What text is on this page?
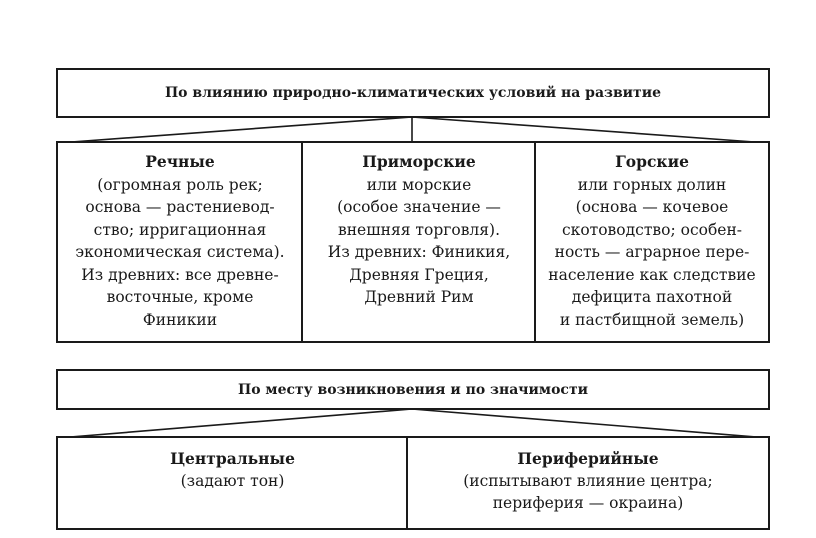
По влиянию природно-климатических условий на развитие
Речные
(огромная роль рек;
основа — растениевод-
ство; ирригационная
экономическая система).
Из древних: все древне-
восточные, кроме
Финикии
Приморские
или морские
(особое значение —
внешняя торговля).
Из древних: Финикия,
Древняя Греция,
Древний Рим
Горские
или горных долин
(основа — кочевое
скотоводство; особен-
ность — аграрное пере-
население как следствие
дефицита пахотной
и пастбищной земель)
По месту возникновения и по значимости
Центральные
(задают тон)
Периферийные
(испытывают влияние центра;
периферия — окраина)
